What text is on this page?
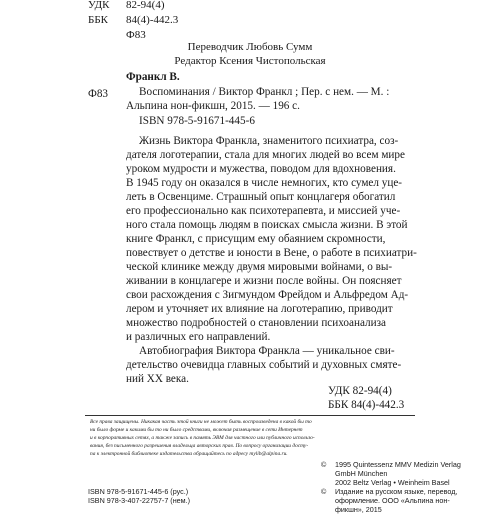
УДК 82-94(4)
ББК 84(4)-442.3
Ф83
Переводчик Любовь Сумм
Редактор Ксения Чистопольская
Ф83
Франкл В.
Воспоминания / Виктор Франкл ; Пер. с нем. — М. :
Альпина нон-фикшн, 2015. — 196 с.
ISBN 978-5-91671-445-6
Жизнь Виктора Франкла, знаменитого психиатра, соз-
дателя логотерапии, стала для многих людей во всем мире
уроком мудрости и мужества, поводом для вдохновения.
В 1945 году он оказался в числе немногих, кто сумел уце-
леть в Освенциме. Страшный опыт концлагеря обогатил
его профессионально как психотерапевта, и миссией уче-
ного стала помощь людям в поисках смысла жизни. В этой
книге Франкл, с присущим ему обаянием скромности,
повествует о детстве и юности в Вене, о работе в психиатри-
ческой клинике между двумя мировыми войнами, о вы-
живании в концлагере и жизни после войны. Он поясняет
свои расхождения с Зигмундом Фрейдом и Альфредом Ад-
лером и уточняет их влияние на логотерапию, приводит
множество подробностей о становлении психоанализа
и различных его направлений.
Автобиография Виктора Франкла — уникальное сви-
детельство очевидца главных событий и духовных смяте-
ний XX века.
УДК 82-94(4)
ББК 84(4)-442.3
Все права защищены. Никакая часть этой книги не может быть воспроизведена в какой бы то
ни было форме и какими бы то ни было средствами, включая размещение в сети Интернет
и в корпоративных сетях, а также запись в память ЭВМ для частного или публичного использо-
вания, без письменного разрешения владельца авторских прав. По вопросу организации досту-
па к электронной библиотеке издательства обращайтесь по адресу mylib@alpina.ru.
© 1995 Quintessenz MMV Medizin Verlag
GmbH München
2002 Beltz Verlag • Weinheim Basel
© Издание на русском языке, перевод,
оформление. ООО «Альпина нон-
фикшн», 2015
ISBN 978-5-91671-445-6 (рус.)
ISBN 978-3-407-22757-7 (нем.)
